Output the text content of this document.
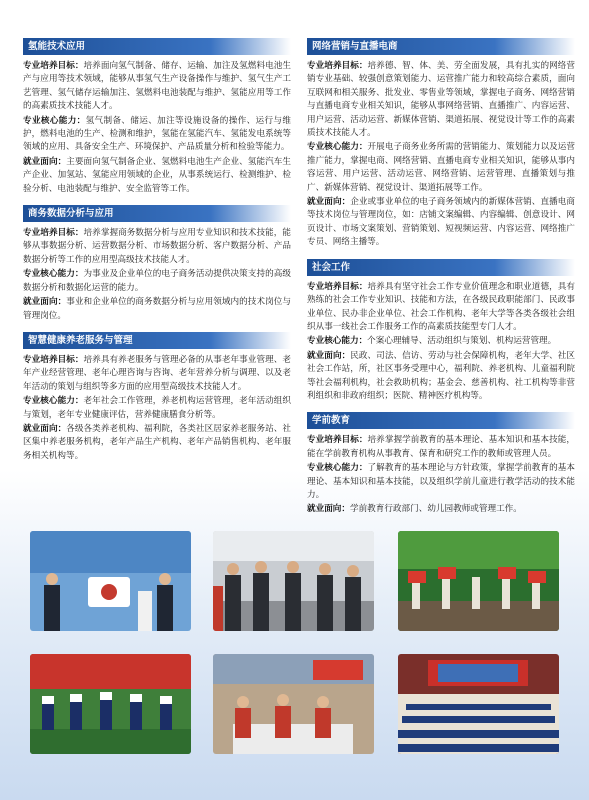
氢能技术应用

专业培养目标：培养面向氢气制备、储存、运输、加注及氢燃料电池生产与应用等技术领域，能够从事氢气生产设备操作与维护、氢气生产工艺管理、氢气储存运输加注、氢燃料电池装配与维护、氢能应用等工作的高素质技术技能人才。

专业核心能力：氢气制备、储运、加注等设施设备的操作、运行与维护，燃料电池的生产、检测和维护，氢能在氢能汽车、氢能发电系统等领域的应用、具备安全生产、环境保护、产品质量分析和检验等能力。

就业面向：主要面向氢气制备企业、氢燃料电池生产企业、氢能汽车生产企业、加氢站、氢能应用领域的企业，从事系统运行、检测维护、检验分析、电池装配与维护、安全监管等工作。

商务数据分析与应用

专业培养目标：培养掌握商务数据分析与应用专业知识和技术技能，能够从事数据分析、运营数据分析、市场数据分析、客户数据分析、产品数据分析等工作的应用型高级技术技能人才。

专业核心能力：为事业及企业单位的电子商务活动提供决策支持的高级数据分析和数据化运营的能力。

就业面向：事业和企业单位的商务数据分析与应用领域内的技术岗位与管理岗位。

智慧健康养老服务与管理

专业培养目标：培养具有养老服务与管理必备的从事老年事业管理、老年产业经营管理、老年心理咨询与咨询、老年营养分析与调理、以及老年活动的策划与组织等多方面的应用型高级技术技能人才。

专业核心能力：老年社会工作管理，养老机构运营管理，老年活动组织与策划，老年专业健康评估，营养健康膳食分析等。

就业面向：各级各类养老机构、福利院，各类社区居家养老服务站、社区集中养老服务机构，老年产品生产机构、老年产品销售机构、老年服务相关机构等。

网络营销与直播电商

专业培养目标：培养德、智、体、美、劳全面发展，具有扎实的网络营销专业基础、较强创意策划能力、运营推广能力和较高综合素质，面向互联网和相关服务、批发业、零售业等领域，掌握电子商务、网络营销与直播电商专业相关知识，能够从事网络营销、直播推广、内容运营、用户运营、活动运营、新媒体营销、渠道拓展、视觉设计等工作的高素质技术技能人才。

专业核心能力：开展电子商务业务所需的营销能力、策划能力以及运营推广能力，掌握电商、网络营销、直播电商专业相关知识，能够从事内容运营、用户运营、活动运营、网络营销、运营管理、直播策划与推广、新媒体营销、视觉设计、渠道拓展等工作。

就业面向：企业或事业单位的电子商务领域内的新媒体营销、直播电商等技术岗位与管理岗位，如：店铺文案编辑、内容编辑、创意设计、网页设计、市场文案策划、营销策划、短视频运营、内容运营、网络推广专员、网络主播等。

社会工作

专业培养目标：培养具有坚守社会工作专业价值理念和职业道德，具有熟练的社会工作专业知识、技能和方法，在各级民政职能部门、民政事业单位、民办非企业单位、社会工作机构、老年大学等各类各级社会组织从事一线社会工作服务工作的高素质技能型专门人才。

专业核心能力：个案心理辅导、活动组织与策划、机构运营管理。

就业面向：民政、司法、信访、劳动与社会保障机构，老年大学、社区社会工作站，所，社区事务受理中心，福利院、养老机构、儿童福利院等社会福利机构，社会救助机构；基金会、慈善机构、社工机构等非营利组织和非政府组织；医院、精神医疗机构等。

学前教育

专业培养目标：培养掌握学前教育的基本理论、基本知识和基本技能，能在学前教育机构从事教育、保育和研究工作的教师或管理人员。

专业核心能力：了解教育的基本理论与方针政策，掌握学前教育的基本理论、基本知识和基本技能，以及组织学前儿童进行教学活动的技术能力。

就业面向：学前教育行政部门、幼儿园教师或管理工作。
